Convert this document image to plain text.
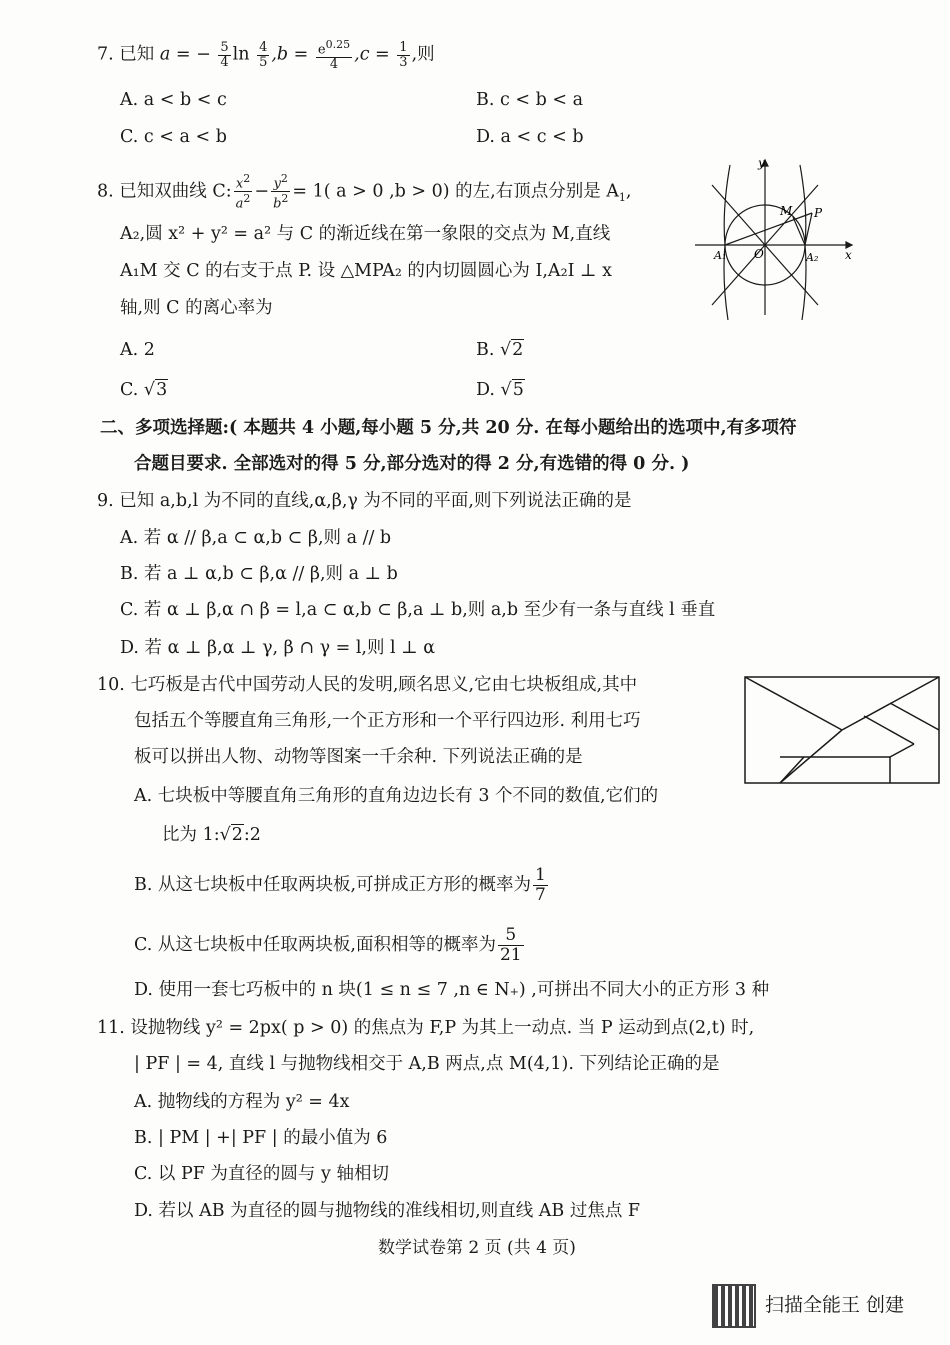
7. 已知 a = − $\frac{5}{4}$ $\ln \frac{4}{5} ,b = \frac{e^{0.25}}{4} ,c = \frac{1}{3}$ ,则
A. a < b < c	B. c < b < a
C. c < a < b	D. a < c < b
8. 已知双曲线 C: $\frac{x^2}{a^2} - \frac{y^2}{b^2} = 1$( a > 0 ,b > 0) 的左,右顶点分别是 $A_1$,
A₂,圆 x² + y² = a² 与 C 的渐近线在第一象限的交点为 M,直线
A₁M 交 C 的右支于点 P. 设 △MPA₂ 的内切圆圆心为 I,A₂I ⊥ x
轴,则 C 的离心率为
A. 2	B. √2
C. √3	D. √5
y
x
M P
O
A₁	A₂
二、多项选择题:( 本题共 4 小题,每小题 5 分,共 20 分. 在每小题给出的选项中,有多项符
合题目要求. 全部选对的得 5 分,部分选对的得 2 分,有选错的得 0 分. )
9. 已知 a,b,l 为不同的直线,α,β,γ 为不同的平面,则下列说法正确的是
A. 若 α // β,a ⊂ α,b ⊂ β,则 a // b
B. 若 a ⊥ α,b ⊂ β,α // β,则 a ⊥ b
C. 若 α ⊥ β,α ∩ β = l,a ⊂ α,b ⊂ β,a ⊥ b,则 a,b 至少有一条与直线 l 垂直
D. 若 α ⊥ β,α ⊥ γ, β ∩ γ = l,则 l ⊥ α
10. 七巧板是古代中国劳动人民的发明,顾名思义,它由七块板组成,其中
包括五个等腰直角三角形,一个正方形和一个平行四边形. 利用七巧
板可以拼出人物、动物等图案一千余种. 下列说法正确的是
A. 七块板中等腰直角三角形的直角边边长有 3 个不同的数值,它们的
比为 1:√2:2
B. 从这七块板中任取两块板,可拼成正方形的概率为 $\frac{1}{7}$
C. 从这七块板中任取两块板,面积相等的概率为 $\frac{5}{21}$
D. 使用一套七巧板中的 n 块(1 ≤ n ≤ 7 ,n ∈ N₊) ,可拼出不同大小的正方形 3 种
11. 设抛物线 y² = 2px( p > 0) 的焦点为 F,P 为其上一动点. 当 P 运动到点(2,t) 时,
| PF | = 4, 直线 l 与抛物线相交于 A,B 两点,点 M(4,1). 下列结论正确的是
A. 抛物线的方程为 y² = 4x
B. | PM | +| PF | 的最小值为 6
C. 以 PF 为直径的圆与 y 轴相切
D. 若以 AB 为直径的圆与抛物线的准线相切,则直线 AB 过焦点 F
数学试卷第 2 页 (共 4 页)
扫描全能王 创建
